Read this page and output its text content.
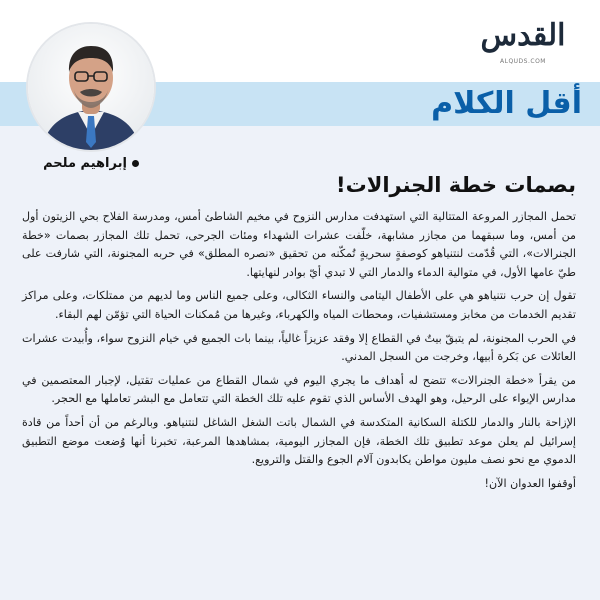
القدس
ALQUDS.COM
أقل الكلام
إبراهيم ملحم
بصمات خطة الجنرالات!

تحمل المجازر المروعة المتتالية التي استهدفت مدارس النزوح في مخيم الشاطئ أمس، ومدرسة الفلاح بحي الزيتون أول من أمس، وما سبقهما من مجازر مشابهة، خلّفت عشرات الشهداء ومئات الجرحى، تحمل تلك المجازر بصمات «خطة الجنرالات»، التي قُدّمت لنتنياهو كوصفةٍ سحريةٍ تُمكّنه من تحقيق «نصره المطلق» في حربه المجنونة، التي شارفت على طيّ عامها الأول، في متوالية الدماء والدمار التي لا تبدي أيّ بوادر لنهايتها.

تقول إن حرب نتنياهو هي على الأطفال اليتامى والنساء الثكالى، وعلى جميع الناس وما لديهم من ممتلكات، وعلى مراكز تقديم الخدمات من مخابز ومستشفيات، ومحطات المياه والكهرباء، وغيرها من مُمكنات الحياة التي تؤمّن لهم البقاء.

في الحرب المجنونة، لم يتبقّ بيتٌ في القطاع إلا وفقد عزيزاً غالياً، بينما بات الجميع في خيام النزوح سواء، وأُبيدت عشرات العائلات عن بَكرة أبيها، وخرجت من السجل المدني.

من يقرأ «خطة الجنرالات» تتضح له أهداف ما يجري اليوم في شمال القطاع من عمليات تقتيل، لإجبار المعتصمين في مدارس الإيواء على الرحيل، وهو الهدف الأساس الذي تقوم عليه تلك الخطة التي تتعامل مع البشر تعاملها مع الحجر.

الإزاحة بالنار والدمار للكتلة السكانية المتكدسة في الشمال باتت الشغل الشاغل لنتنياهو. وبالرغم من أن أحداً من قادة إسرائيل لم يعلن موعد تطبيق تلك الخطة، فإن المجازر اليومية، بمشاهدها المرعبة، تخبرنا أنها وُضعت موضع التطبيق الدموي مع نحو نصف مليون مواطن يكابدون آلام الجوع والقتل والترويع.

أوقفوا العدوان الآن!
